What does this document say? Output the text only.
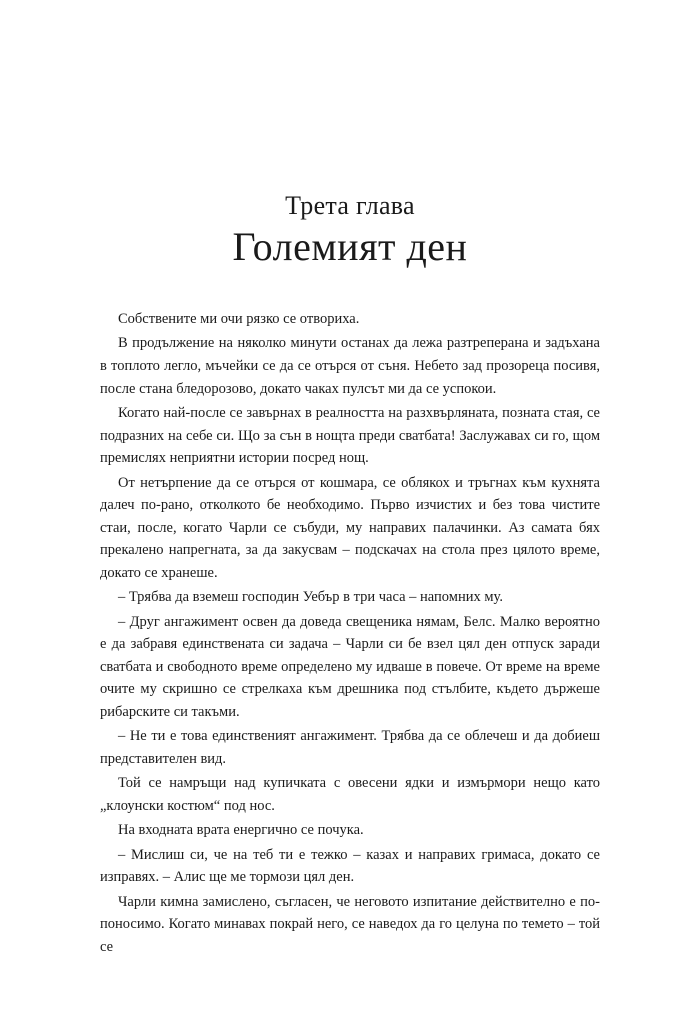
Трета глава
Големият ден

Собствените ми очи рязко се отвориха.

В продължение на няколко минути останах да лежа разтреперана и задъхана в топлото легло, мъчейки се да се отърся от съня. Небето зад прозореца посивя, после стана бледорозово, докато чаках пулсът ми да се успокои.

Когато най-после се завърнах в реалността на разхвърляната, позната стая, се подразних на себе си. Що за сън в нощта преди сватбата! Заслужавах си го, щом премислях неприятни истории посред нощ.

От нетърпение да се отърся от кошмара, се облякох и тръгнах към кухнята далеч по-рано, отколкото бе необходимо. Първо изчистих и без това чистите стаи, после, когато Чарли се събуди, му направих палачинки. Аз самата бях прекалено напрегната, за да закусвам – подскачах на стола през цялото време, докато се хранеше.

– Трябва да вземеш господин Уебър в три часа – напомних му.

– Друг ангажимент освен да доведа свещеника нямам, Белс. Малко вероятно е да забравя единствената си задача – Чарли си бе взел цял ден отпуск заради сватбата и свободното време определено му идваше в повече. От време на време очите му скришно се стрелкаха към дрешника под стълбите, където държеше рибарските си такъми.

– Не ти е това единственият ангажимент. Трябва да се облечеш и да добиеш представителен вид.

Той се намръщи над купичката с овесени ядки и измърмори нещо като „клоунски костюм“ под нос.

На входната врата енергично се почука.

– Мислиш си, че на теб ти е тежко – казах и направих гримаса, докато се изправях. – Алис ще ме тормози цял ден.

Чарли кимна замислено, съгласен, че неговото изпитание действително е по-поносимо. Когато минавах покрай него, се наведох да го целуна по темето – той се
